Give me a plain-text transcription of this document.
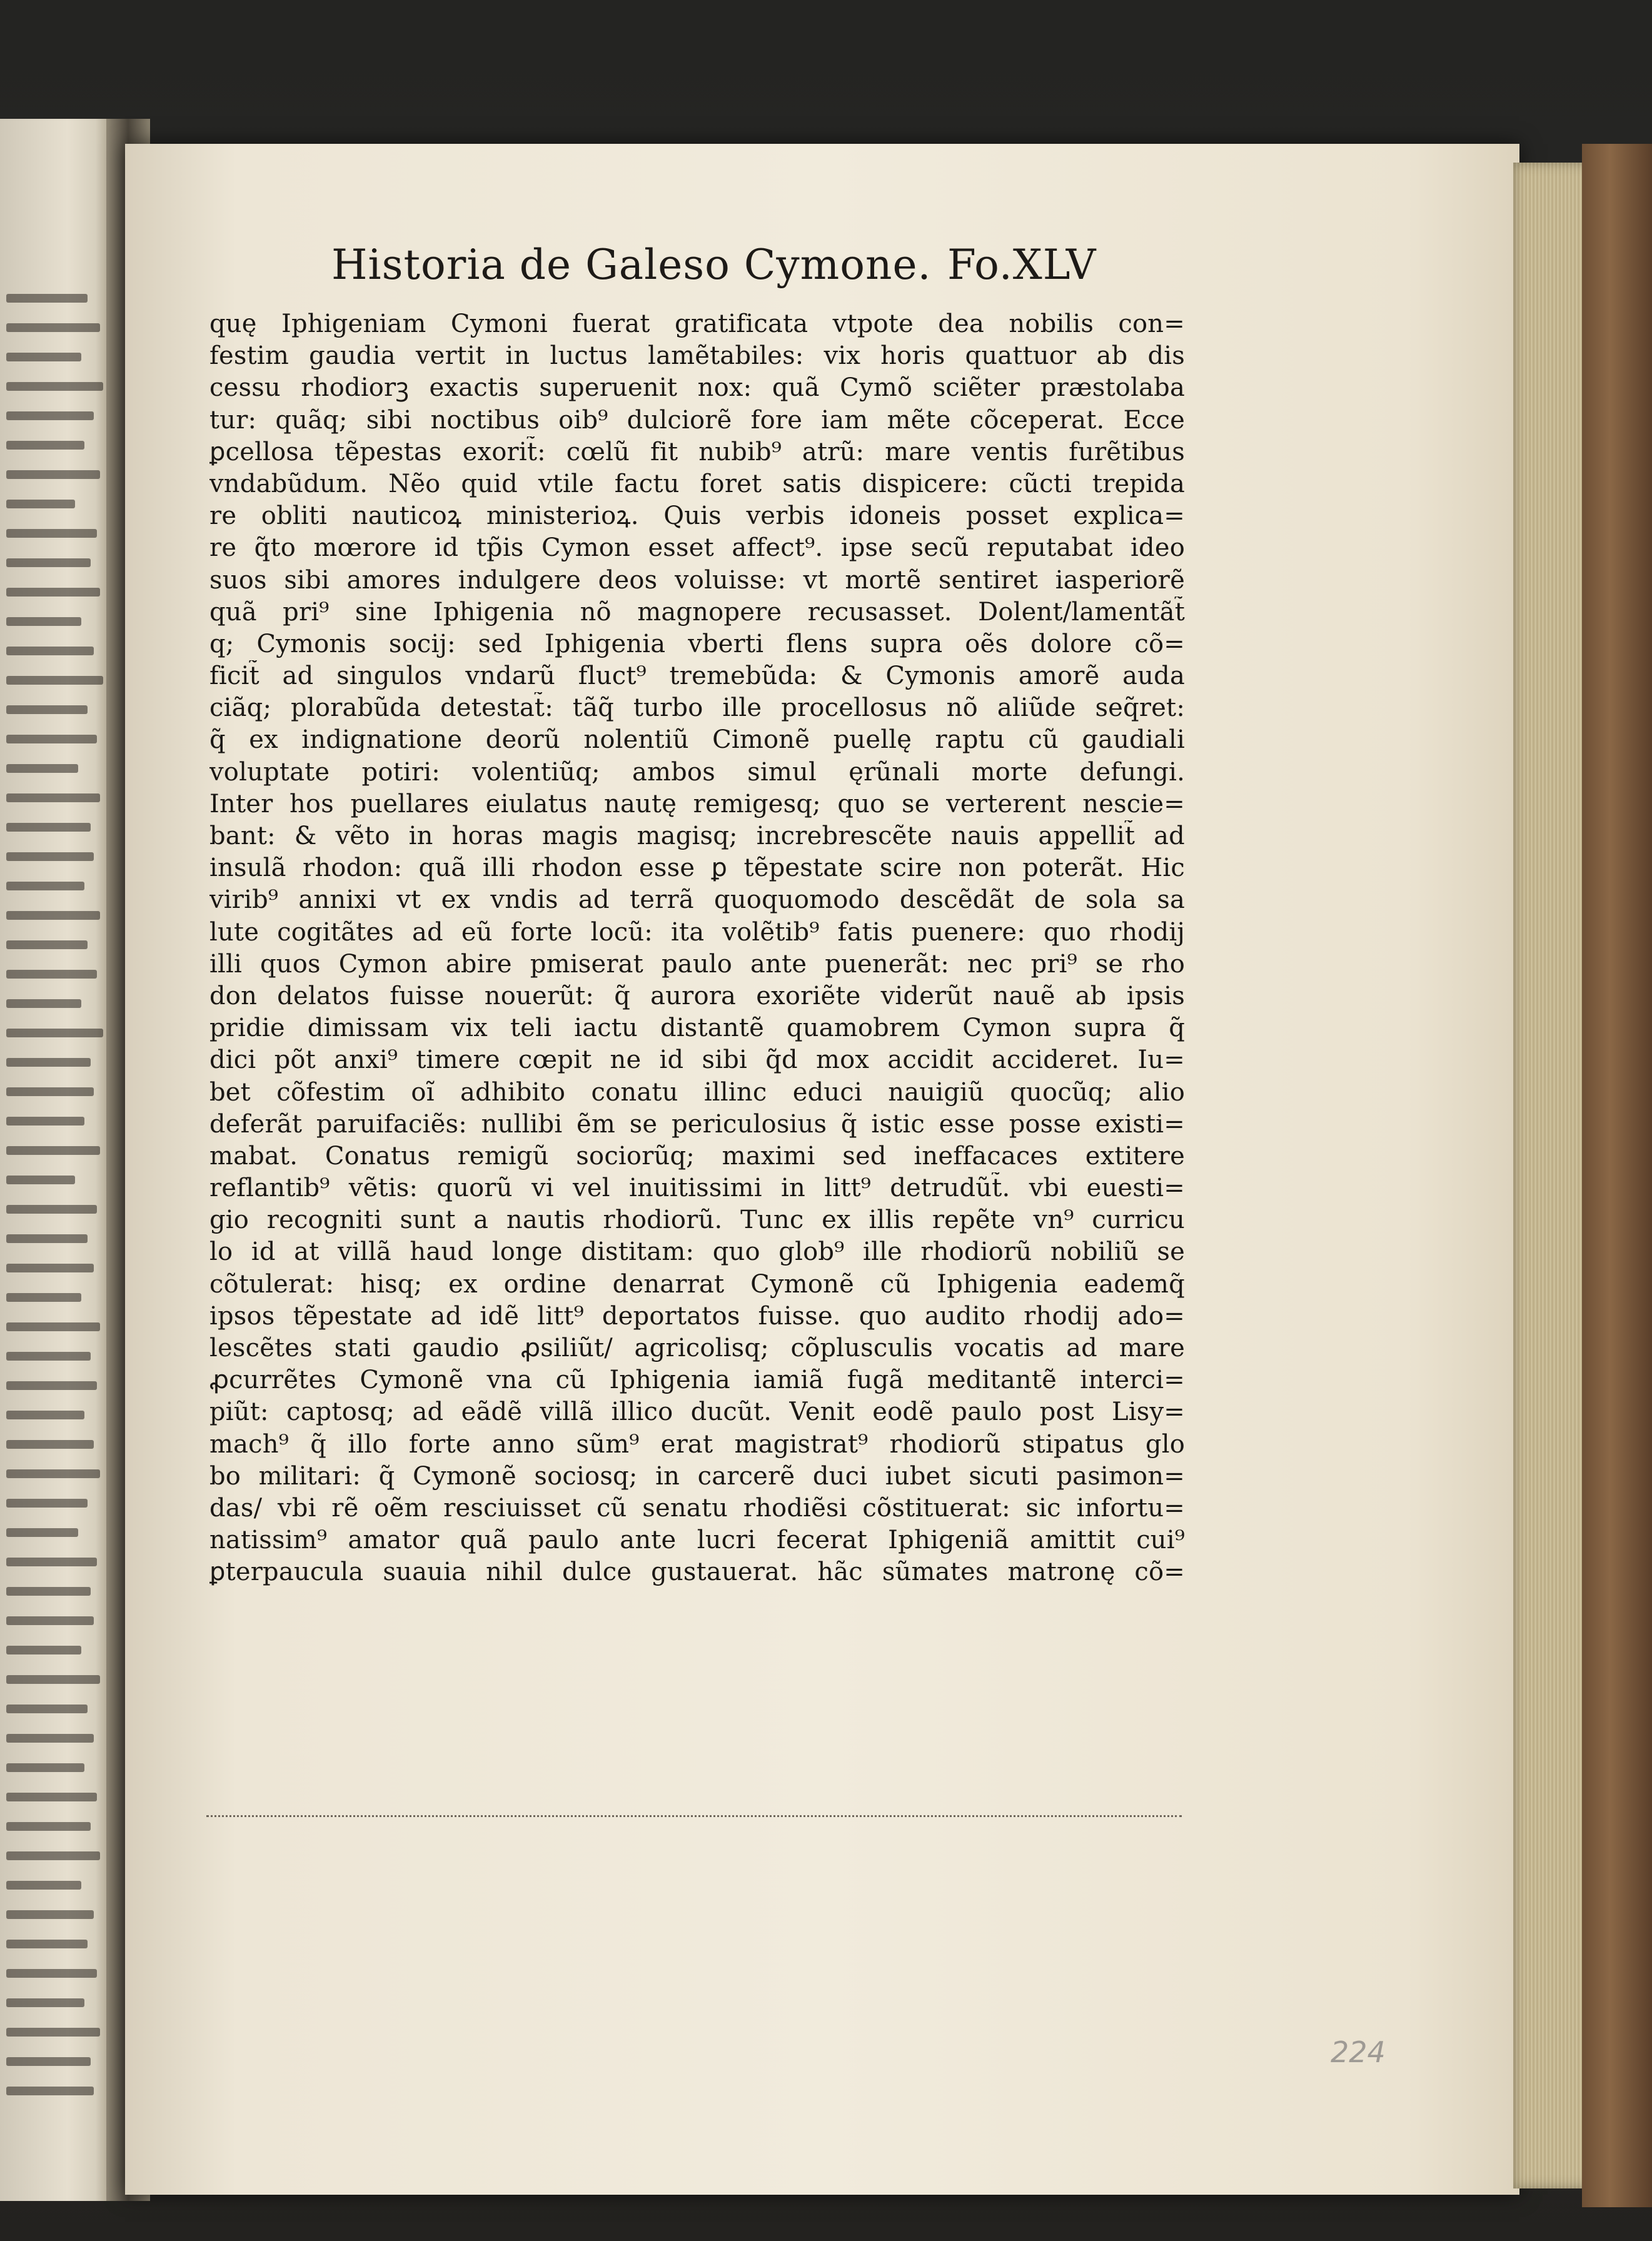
Historia de Galeso Cymone. Fo.XLV
quę Iphigeniam Cymoni fuerat gratificata vtpote dea nobilis con=
festim gaudia vertit in luctus lamẽtabiles: vix horis quattuor ab dis
cessu rhodiorꝫ exactis superuenit nox: quã Cymõ sciẽter præstolaba
tur: quãq; sibi noctibus oib⁹ dulciorẽ fore iam mẽte cõceperat. Ecce
ꝑcellosa tẽpestas exorit̃: cœlũ fit nubib⁹ atrũ: mare ventis furẽtibus
vndabũdum. Nẽo quid vtile factu foret satis dispicere: cũcti trepida
re obliti nauticoꝝ ministerioꝝ. Quis verbis idoneis posset explica=
re q̃to mœrore id tp̃is Cymon esset affect⁹. ipse secũ reputabat ideo
suos sibi amores indulgere deos voluisse: vt mortẽ sentiret iasperiorẽ
quã pri⁹ sine Iphigenia nõ magnopere recusasset. Dolent/lamentãt̃
q; Cymonis socij: sed Iphigenia vberti flens supra oẽs dolore cõ=
ficit̃ ad singulos vndarũ fluct⁹ tremebũda: & Cymonis amorẽ auda
ciãq; plorabũda detestat̃: tãq̃ turbo ille procellosus nõ aliũde seq̃ret:
q̃ ex indignatione deorũ nolentiũ Cimonẽ puellę raptu cũ gaudiali
voluptate potiri: volentiũq; ambos simul ęrũnali morte defungi.
Inter hos puellares eiulatus nautę remigesq; quo se verterent nescie=
bant: & vẽto in horas magis magisq; increbrescẽte nauis appellit̃ ad
insulã rhodon: quã illi rhodon esse ꝑ tẽpestate scire non poterãt. Hic
virib⁹ annixi vt ex vndis ad terrã quoquomodo descẽdãt de sola sa
lute cogitãtes ad eũ forte locũ: ita volẽtib⁹ fatis puenere: quo rhodij
illi quos Cymon abire pmiserat paulo ante puenerãt: nec pri⁹ se rho
don delatos fuisse nouerũt: q̃ aurora exoriẽte viderũt nauẽ ab ipsis
pridie dimissam vix teli iactu distantẽ quamobrem Cymon supra q̃
dici põt anxi⁹ timere cœpit ne id sibi q̃d mox accidit accideret. Iu=
bet cõfestim oĩ adhibito conatu illinc educi nauigiũ quocũq; alio
deferãt paruifaciẽs: nullibi ẽm se periculosius q̃ istic esse posse existi=
mabat. Conatus remigũ sociorũq; maximi sed ineffacaces extitere
reflantib⁹ vẽtis: quorũ vi vel inuitissimi in litt⁹ detrudũt̃. vbi euesti=
gio recogniti sunt a nautis rhodiorũ. Tunc ex illis repẽte vn⁹ curricu
lo id at villã haud longe distitam: quo glob⁹ ille rhodiorũ nobiliũ se
cõtulerat: hisq; ex ordine denarrat Cymonẽ cũ Iphigenia eademq̃
ipsos tẽpestate ad idẽ litt⁹ deportatos fuisse. quo audito rhodij ado=
lescẽtes stati gaudio ꝓsiliũt/ agricolisq; cõplusculis vocatis ad mare
ꝓcurrẽtes Cymonẽ vna cũ Iphigenia iamiã fugã meditantẽ interci=
piũt: captosq; ad eãdẽ villã illico ducũt. Venit eodẽ paulo post Lisy=
mach⁹ q̃ illo forte anno sũm⁹ erat magistrat⁹ rhodiorũ stipatus glo
bo militari: q̃ Cymonẽ sociosq; in carcerẽ duci iubet sicuti pasimon=
das/ vbi rẽ oẽm resciuisset cũ senatu rhodiẽsi cõstituerat: sic infortu=
natissim⁹ amator quã paulo ante lucri fecerat Iphigeniã amittit cui⁹
ꝑterpaucula suauia nihil dulce gustauerat. hãc sũmates matronę cõ=
224
